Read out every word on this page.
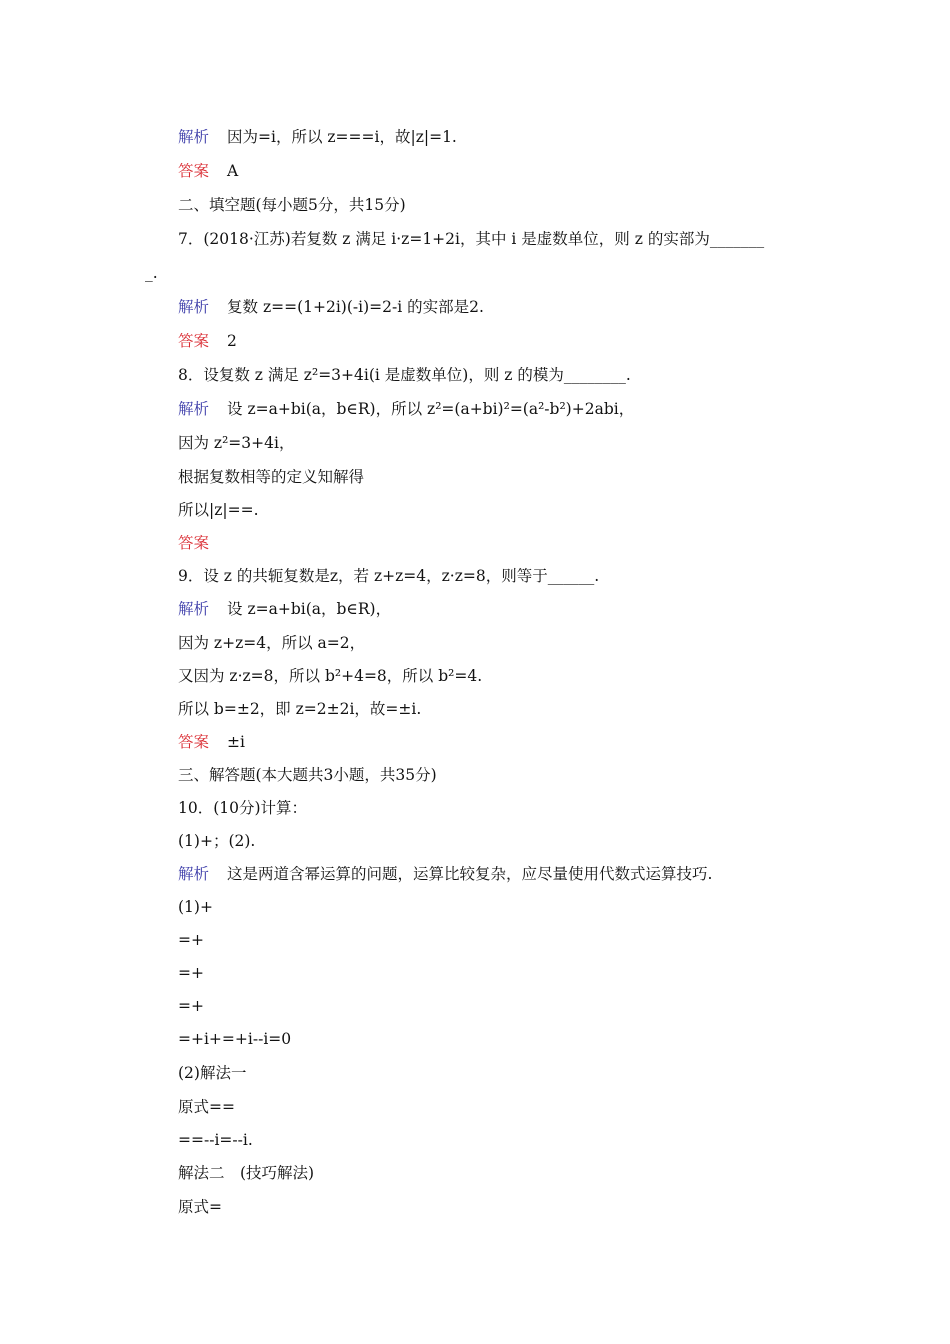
解析 因为=i，所以 z===i，故|z|=1.
答案 A
二、填空题(每小题5分，共15分)
7．(2018·江苏)若复数 z 满足 i·z=1+2i，其中 i 是虚数单位，则 z 的实部为_______
_.
解析 复数 z==(1+2i)(-i)=2-i 的实部是2.
答案 2
8．设复数 z 满足 z²=3+4i(i 是虚数单位)，则 z 的模为________.
解析 设 z=a+bi(a，b∈R)，所以 z²=(a+bi)²=(a²-b²)+2abi，
因为 z²=3+4i，
根据复数相等的定义知解得
所以|z|==.
答案
9．设 z 的共轭复数是z，若 z+z=4，z·z=8，则等于______.
解析 设 z=a+bi(a，b∈R)，
因为 z+z=4，所以 a=2，
又因为 z·z=8，所以 b²+4=8，所以 b²=4.
所以 b=±2，即 z=2±2i，故=±i.
答案 ±i
三、解答题(本大题共3小题，共35分)
10．(10分)计算：
(1)+；(2).
解析 这是两道含幂运算的问题，运算比较复杂，应尽量使用代数式运算技巧.
(1)+
=+
=+
=+
=+i+=+i--i=0
(2)解法一
原式==
==--i=--i.
解法二　(技巧解法)
原式=
